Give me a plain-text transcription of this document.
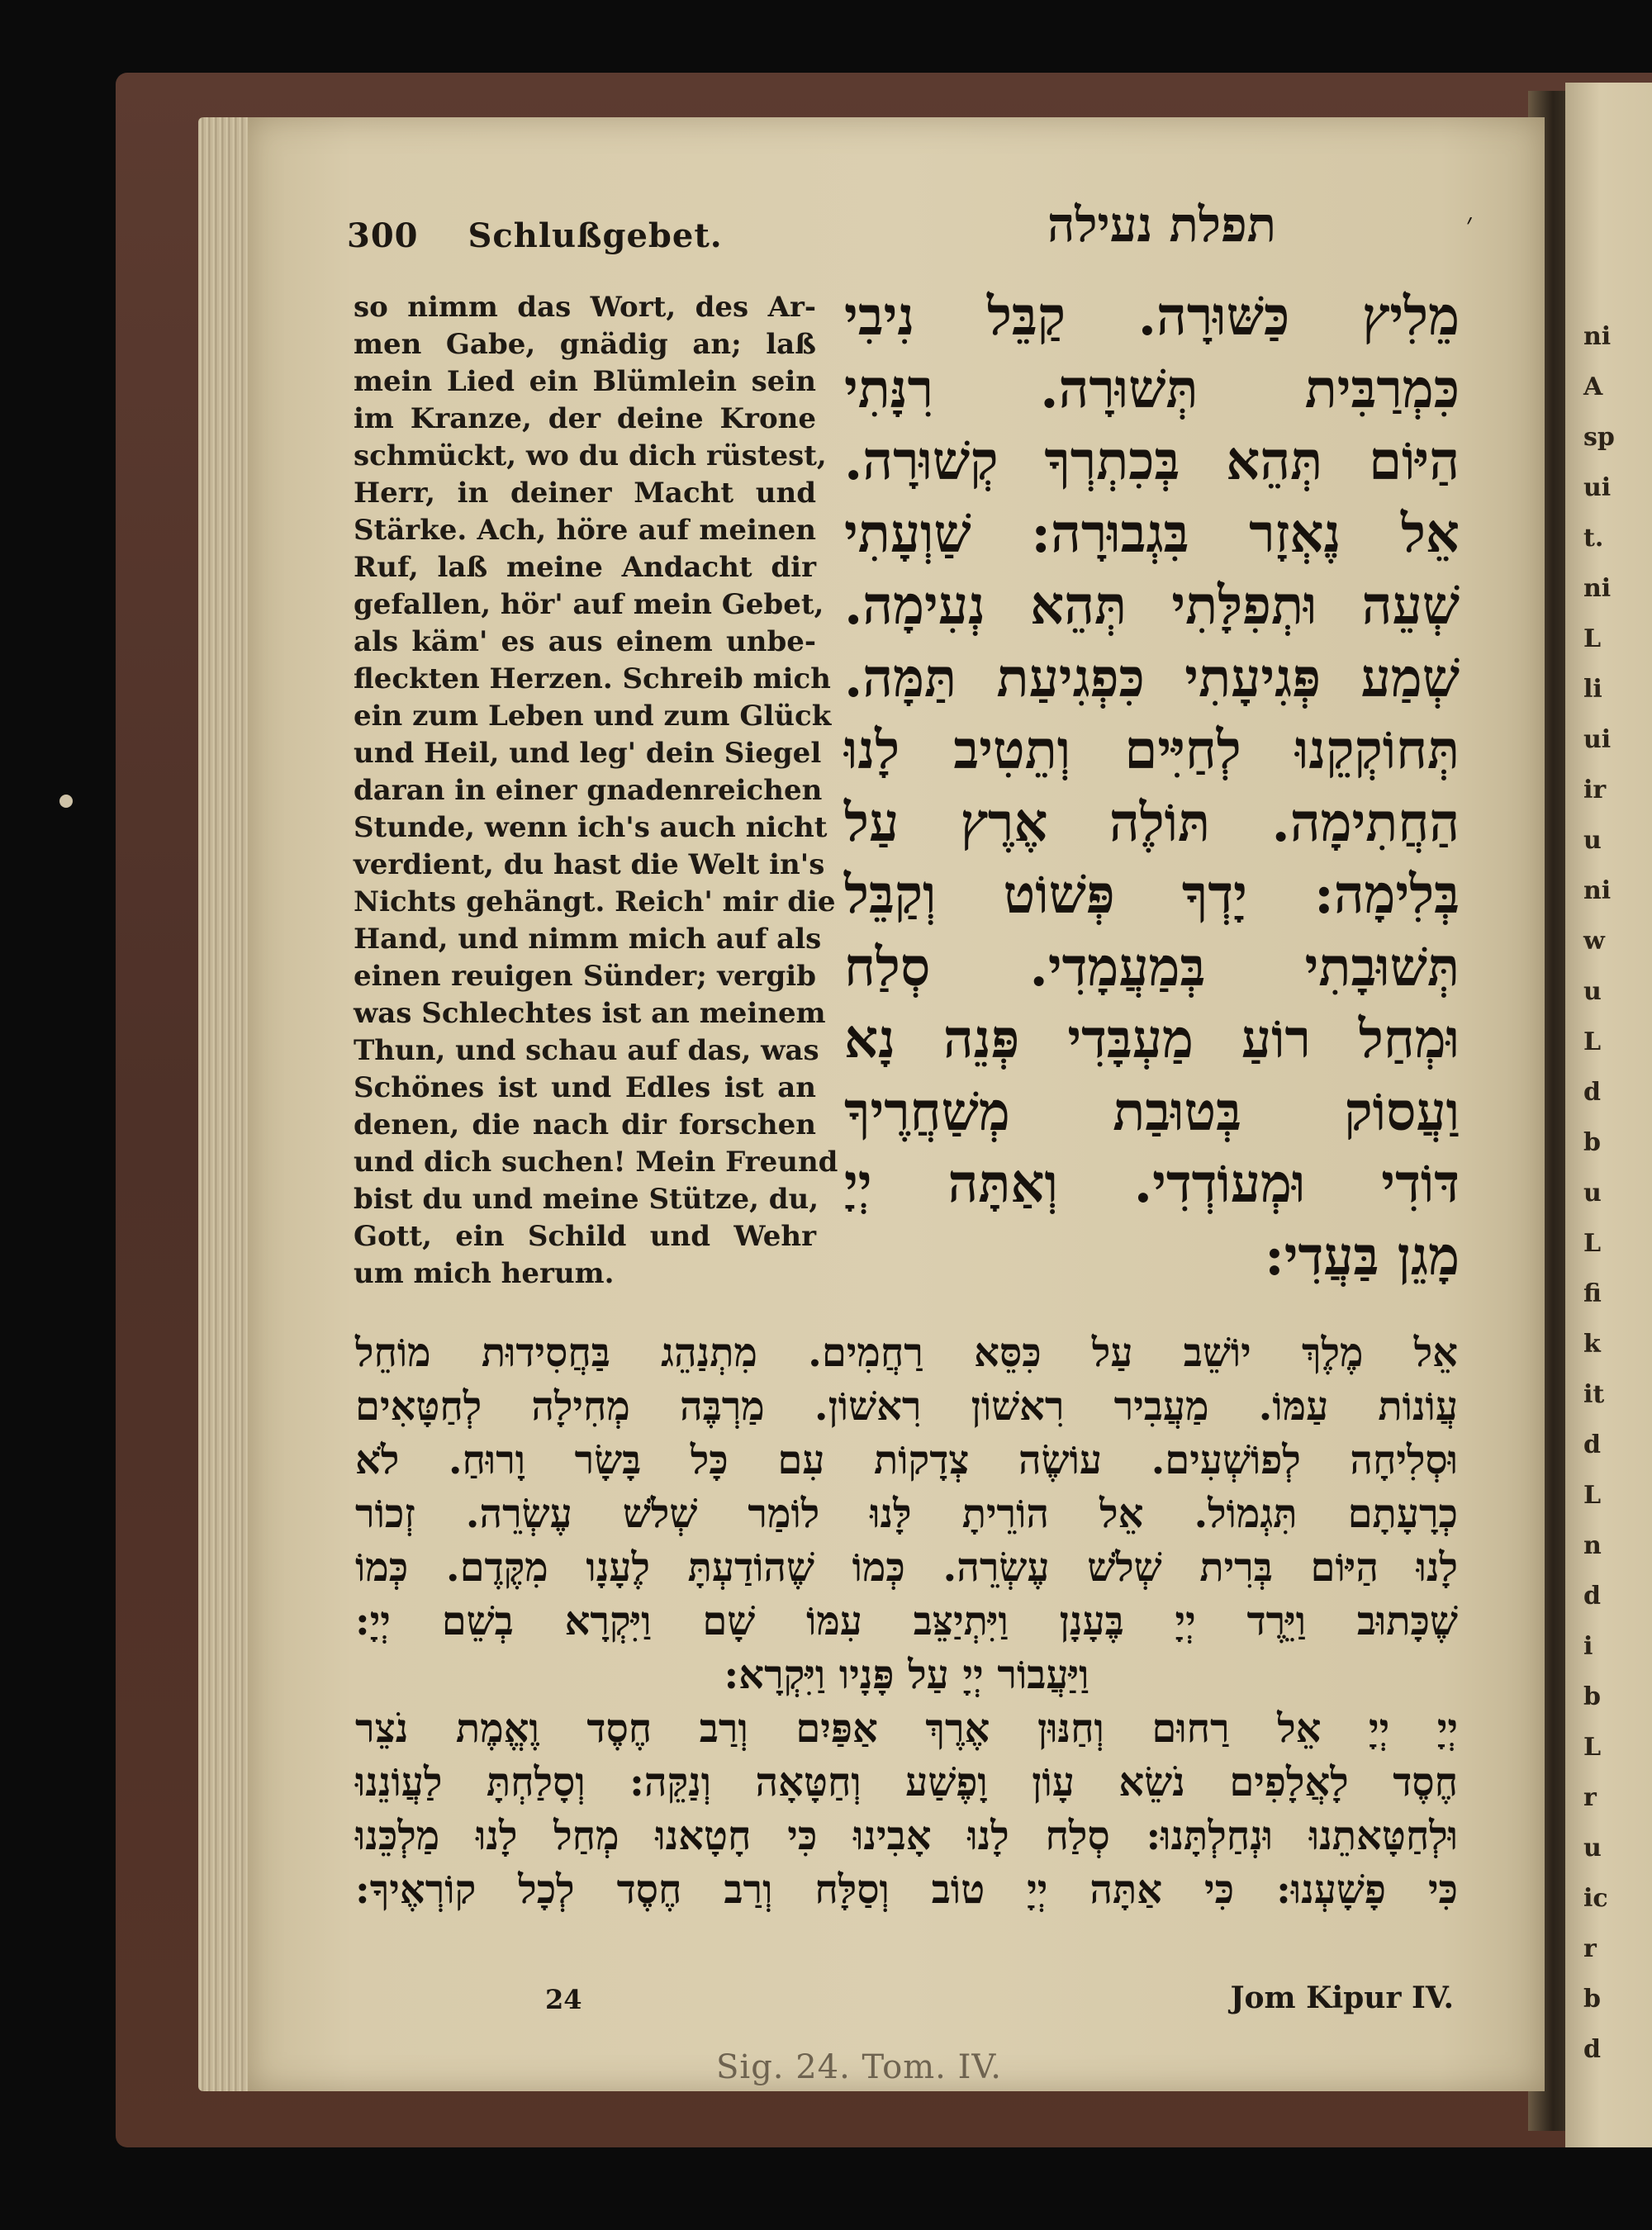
ni
A
sp
ui
t.
ni
L
li
ui
ir
u
ni
w
u
L
d
b
u
L
fi
k
it
d
L
n
d
i
b
L
r
u
ic
r
b
d
300 Schlußgebet.	תפלת נעילה	׳
so nimm das Wort, des Ar-
men Gabe, gnädig an; laß
mein Lied ein Blümlein sein
im Kranze, der deine Krone
schmückt, wo du dich rüstest,
Herr, in deiner Macht und
Stärke. Ach, höre auf meinen
Ruf, laß meine Andacht dir
gefallen, hör' auf mein Gebet,
als käm' es aus einem unbe-
fleckten Herzen. Schreib mich
ein zum Leben und zum Glück
und Heil, und leg' dein Siegel
daran in einer gnadenreichen
Stunde, wenn ich's auch nicht
verdient, du hast die Welt in's
Nichts gehängt. Reich' mir die
Hand, und nimm mich auf als
einen reuigen Sünder; vergib
was Schlechtes ist an meinem
Thun, und schau auf das, was
Schönes ist und Edles ist an
denen, die nach dir forschen
und dich suchen! Mein Freund
bist du und meine Stütze, du,
Gott, ein Schild und Wehr
um mich herum.
מֵלִיץ כַּשּׁוּרָה. קַבֵּל נִיבִי
כִּמְרַבִּית תְּשׁוּרָה. רִנָּתִי
הַיּוֹם תְּהֵא בְּכִתְרְךָ קְשׁוּרָה.
אֵל נֶאְזָר בִּגְבוּרָה: שַׁוְעָתִי
שְׁעֵה וּתְפִלָּתִי תְּהֵא נְעִימָה.
שְׁמַע פְּגִיעָתִי כִּפְגִיעַת תַּמָּה.
תְּחוֹקְקֵנוּ לְחַיִּים וְתֵטִיב לָנוּ
הַחֲתִימָה. תּוֹלֶה אֶרֶץ עַל
בְּלִימָה: יָדְךָ פְּשׁוֹט וְקַבֵּל
תְּשׁוּבָתִי בְּמַעֲמָדִי. סְלַח
וּמְחַל רוֹעַ מַעְבָּדִי פְּנֵה נָא
וַעֲסוֹק בְּטוּבַת מְשַׁחֲרֶיךָ
דּוֹדִי וּמְעוֹדְדִי. וְאַתָּה יְיָ
מָגֵן בַּעֲדִי:
אֵל מֶלֶךְ יוֹשֵׁב עַל כִּסֵּא רַחֲמִים. מִתְנַהֵג בַּחֲסִידוּת מוֹחֵל
עֲוֹנוֹת עַמּוֹ. מַעֲבִיר רִאשׁוֹן רִאשׁוֹן. מַרְבֶּה מְחִילָה לְחַטָּאִים
וּסְלִיחָה לְפוֹשְׁעִים. עוֹשֶׂה צְדָקוֹת עִם כָּל בָּשָׂר וָרוּחַ. לֹא
כְרָעָתָם תִּגְמוֹל. אֵל הוֹרֵיתָ לָּנוּ לוֹמַר שְׁלֹשׁ עֶשְׂרֵה. זְכוֹר
לָנוּ הַיּוֹם בְּרִית שְׁלֹשׁ עֶשְׂרֵה. כְּמוֹ שֶׁהוֹדַעְתָּ לֶעָנָו מִקֶּדֶם. כְּמוֹ
שֶׁכָּתוּב וַיֵּרֶד יְיָ בֶּעָנָן וַיִּתְיַצֵּב עִמּוֹ שָׁם וַיִּקְרָא בְשֵׁם יְיָ:
וַיַּעֲבוֹר יְיָ עַל פָּנָיו וַיִּקְרָא:
יְיָ יְיָ אֵל רַחוּם וְחַנּוּן אֶרֶךְ אַפַּיִם וְרַב חֶסֶד וֶאֱמֶת נֹצֵר
חֶסֶד לָאֲלָפִים נֹשֵׂא עָוֹן וָפֶשַׁע וְחַטָּאָה וְנַקֵּה: וְסָלַחְתָּ לַעֲוֹנֵנוּ
וּלְחַטָּאתֵנוּ וּנְחַלְתָּנוּ: סְלַח לָנוּ אָבִינוּ כִּי חָטָאנוּ מְחַל לָנוּ מַלְכֵּנוּ
כִּי פָשָׁעְנוּ: כִּי אַתָּה יְיָ טוֹב וְסַלָּח וְרַב חֶסֶד לְכָל קוֹרְאֶיךָ:
24	Jom Kipur IV.
Sig. 24. Tom. IV.
